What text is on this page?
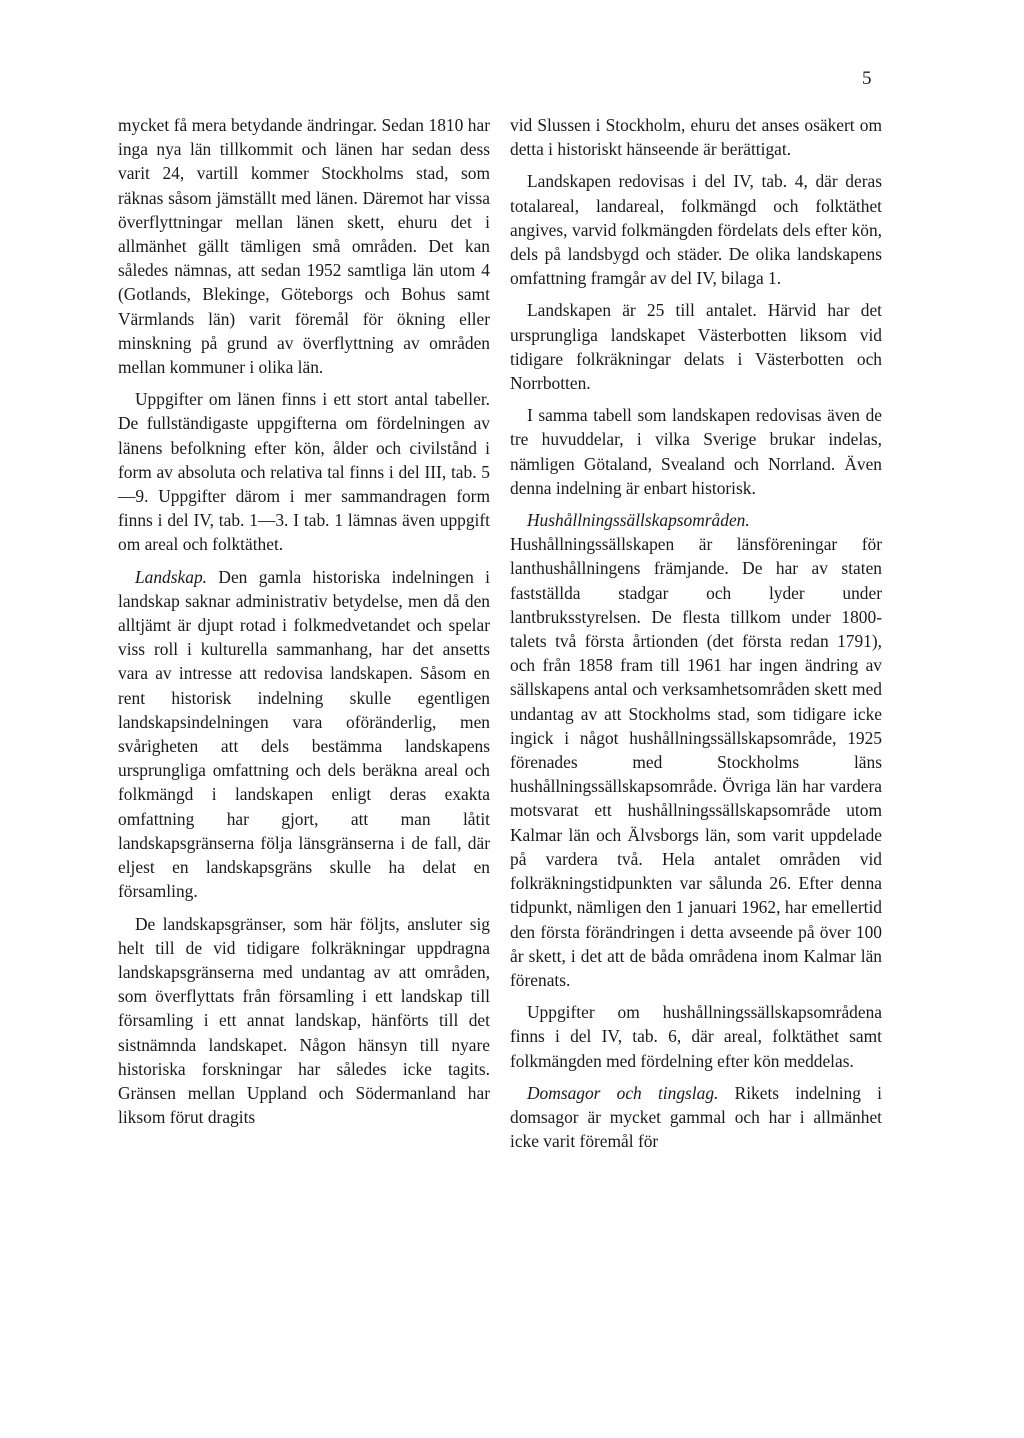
5

mycket få mera betydande ändringar. Sedan 1810 har inga nya län tillkommit och länen har sedan dess varit 24, vartill kommer Stockholms stad, som räknas såsom jämställt med länen. Däremot har vissa överflyttningar mellan länen skett, ehuru det i allmänhet gällt tämligen små områden. Det kan således nämnas, att sedan 1952 samtliga län utom 4 (Gotlands, Blekinge, Göteborgs och Bohus samt Värmlands län) varit föremål för ökning eller minskning på grund av överflyttning av områden mellan kommuner i olika län.

Uppgifter om länen finns i ett stort antal tabeller. De fullständigaste uppgifterna om fördelningen av länens befolkning efter kön, ålder och civilstånd i form av absoluta och relativa tal finns i del III, tab. 5—9. Uppgifter därom i mer sammandragen form finns i del IV, tab. 1—3. I tab. 1 lämnas även uppgift om areal och folktäthet.

Landskap. Den gamla historiska indelningen i landskap saknar administrativ betydelse, men då den alltjämt är djupt rotad i folkmedvetandet och spelar viss roll i kulturella sammanhang, har det ansetts vara av intresse att redovisa landskapen. Såsom en rent historisk indelning skulle egentligen landskapsindelningen vara oföränderlig, men svårigheten att dels bestämma landskapens ursprungliga omfattning och dels beräkna areal och folkmängd i landskapen enligt deras exakta omfattning har gjort, att man låtit landskapsgränserna följa länsgränserna i de fall, där eljest en landskapsgräns skulle ha delat en församling.

De landskapsgränser, som här följts, ansluter sig helt till de vid tidigare folkräkningar uppdragna landskapsgränserna med undantag av att områden, som överflyttats från församling i ett landskap till församling i ett annat landskap, hänförts till det sistnämnda landskapet. Någon hänsyn till nyare historiska forskningar har således icke tagits. Gränsen mellan Uppland och Södermanland har liksom förut dragits

vid Slussen i Stockholm, ehuru det anses osäkert om detta i historiskt hänseende är berättigat.

Landskapen redovisas i del IV, tab. 4, där deras totalareal, landareal, folkmängd och folktäthet angives, varvid folkmängden fördelats dels efter kön, dels på landsbygd och städer. De olika landskapens omfattning framgår av del IV, bilaga 1.

Landskapen är 25 till antalet. Härvid har det ursprungliga landskapet Västerbotten liksom vid tidigare folkräkningar delats i Västerbotten och Norrbotten.

I samma tabell som landskapen redovisas även de tre huvuddelar, i vilka Sverige brukar indelas, nämligen Götaland, Svealand och Norrland. Även denna indelning är enbart historisk.

Hushållningssällskapsområden. Hushållningssällskapen är länsföreningar för lanthushållningens främjande. De har av staten fastställda stadgar och lyder under lantbruksstyrelsen. De flesta tillkom under 1800-talets två första årtionden (det första redan 1791), och från 1858 fram till 1961 har ingen ändring av sällskapens antal och verksamhetsområden skett med undantag av att Stockholms stad, som tidigare icke ingick i något hushållningssällskapsområde, 1925 förenades med Stockholms läns hushållningssällskapsområde. Övriga län har vardera motsvarat ett hushållningssällskapsområde utom Kalmar län och Älvsborgs län, som varit uppdelade på vardera två. Hela antalet områden vid folkräkningstidpunkten var sålunda 26. Efter denna tidpunkt, nämligen den 1 januari 1962, har emellertid den första förändringen i detta avseende på över 100 år skett, i det att de båda områdena inom Kalmar län förenats.

Uppgifter om hushållningssällskapsområdena finns i del IV, tab. 6, där areal, folktäthet samt folkmängden med fördelning efter kön meddelas.

Domsagor och tingslag. Rikets indelning i domsagor är mycket gammal och har i allmänhet icke varit föremål för
